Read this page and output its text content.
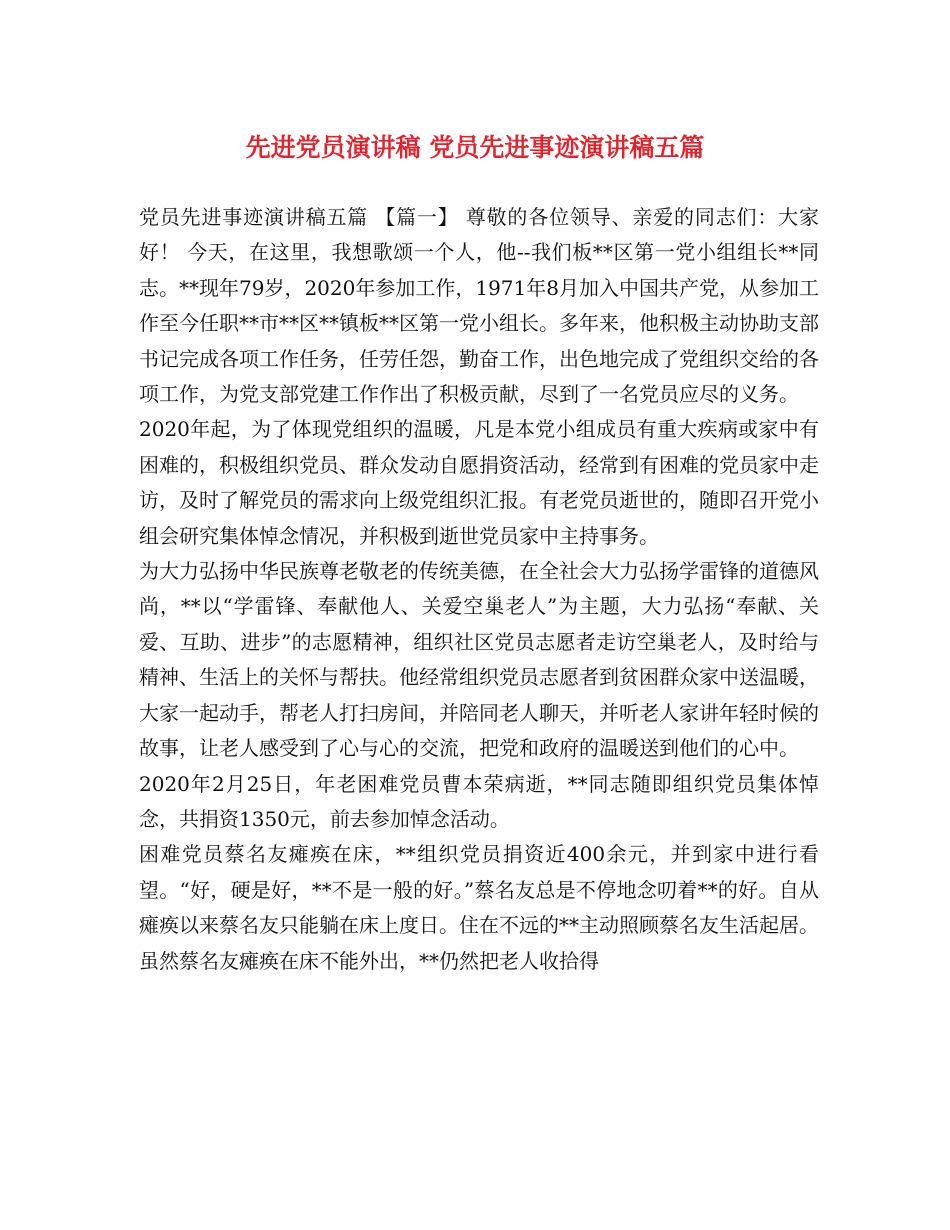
先进党员演讲稿 党员先进事迹演讲稿五篇

党员先进事迹演讲稿五篇 【篇一】 尊敬的各位领导、亲爱的同志们：大家好！ 今天，在这里，我想歌颂一个人，他--我们板**区第一党小组组长**同志。**现年79岁，2020年参加工作，1971年8月加入中国共产党，从参加工作至今任职**市**区**镇板**区第一党小组长。多年来，他积极主动协助支部书记完成各项工作任务，任劳任怨，勤奋工作，出色地完成了党组织交给的各项工作，为党支部党建工作作出了积极贡献，尽到了一名党员应尽的义务。

2020年起，为了体现党组织的温暖，凡是本党小组成员有重大疾病或家中有困难的，积极组织党员、群众发动自愿捐资活动，经常到有困难的党员家中走访，及时了解党员的需求向上级党组织汇报。有老党员逝世的，随即召开党小组会研究集体悼念情况，并积极到逝世党员家中主持事务。

为大力弘扬中华民族尊老敬老的传统美德，在全社会大力弘扬学雷锋的道德风尚，**以“学雷锋、奉献他人、关爱空巢老人”为主题，大力弘扬“奉献、关爱、互助、进步”的志愿精神，组织社区党员志愿者走访空巢老人，及时给与精神、生活上的关怀与帮扶。他经常组织党员志愿者到贫困群众家中送温暖，大家一起动手，帮老人打扫房间，并陪同老人聊天，并听老人家讲年轻时候的故事，让老人感受到了心与心的交流，把党和政府的温暖送到他们的心中。

2020年2月25日，年老困难党员曹本荣病逝，**同志随即组织党员集体悼念，共捐资1350元，前去参加悼念活动。

困难党员蔡名友瘫痪在床，**组织党员捐资近400余元，并到家中进行看望。“好，硬是好，**不是一般的好。”蔡名友总是不停地念叨着**的好。自从瘫痪以来蔡名友只能躺在床上度日。住在不远的**主动照顾蔡名友生活起居。虽然蔡名友瘫痪在床不能外出，**仍然把老人收拾得
